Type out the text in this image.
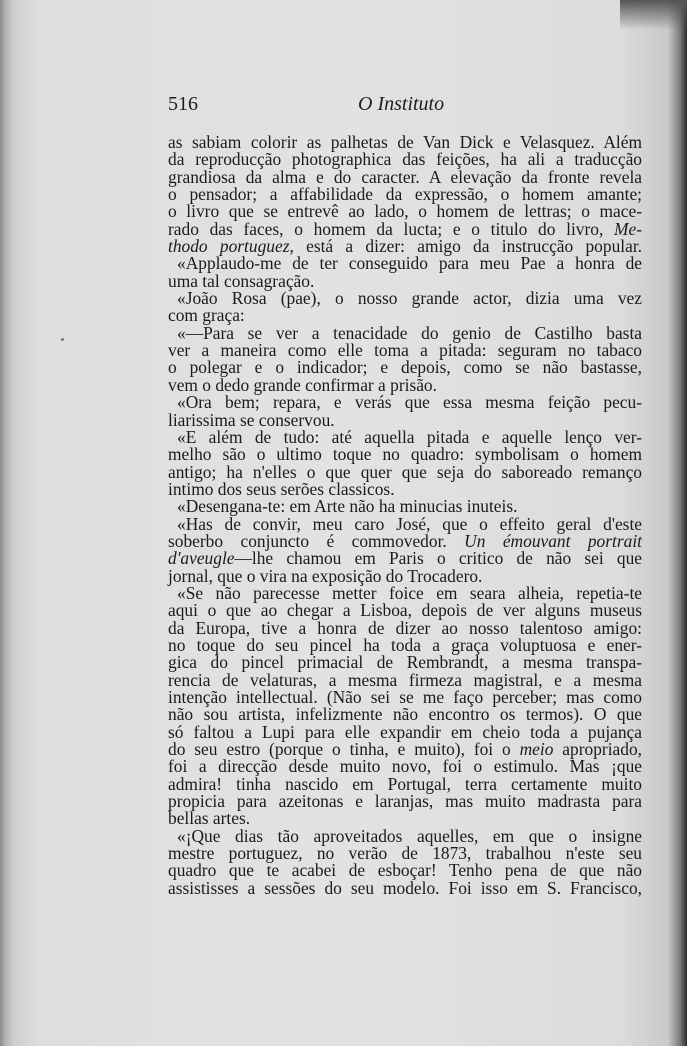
516	O Instituto
as sabiam colorir as palhetas de Van Dick e Velasquez. Além
da reproducção photographica das feições, ha ali a traducção
grandiosa da alma e do caracter. A elevação da fronte revela
o pensador; a affabilidade da expressão, o homem amante;
o livro que se entrevê ao lado, o homem de lettras; o mace-
rado das faces, o homem da lucta; e o titulo do livro, Me-
thodo portuguez, está a dizer: amigo da instrucção popular.
«Applaudo-me de ter conseguido para meu Pae a honra de
uma tal consagração.
«João Rosa (pae), o nosso grande actor, dizia uma vez
com graça:
«—Para se ver a tenacidade do genio de Castilho basta
ver a maneira como elle toma a pitada: seguram no tabaco
o polegar e o indicador; e depois, como se não bastasse,
vem o dedo grande confirmar a prisão.
«Ora bem; repara, e verás que essa mesma feição pecu-
liarissima se conservou.
«E além de tudo: até aquella pitada e aquelle lenço ver-
melho são o ultimo toque no quadro: symbolisam o homem
antigo; ha n'elles o que quer que seja do saboreado remanço
intimo dos seus serões classicos.
«Desengana-te: em Arte não ha minucias inuteis.
«Has de convir, meu caro José, que o effeito geral d'este
soberbo conjuncto é commovedor. Un émouvant portrait
d'aveugle—lhe chamou em Paris o critico de não sei que
jornal, que o vira na exposição do Trocadero.
«Se não parecesse metter foice em seara alheia, repetia-te
aqui o que ao chegar a Lisboa, depois de ver alguns museus
da Europa, tive a honra de dizer ao nosso talentoso amigo:
no toque do seu pincel ha toda a graça voluptuosa e ener-
gica do pincel primacial de Rembrandt, a mesma transpa-
rencia de velaturas, a mesma firmeza magistral, e a mesma
intenção intellectual. (Não sei se me faço perceber; mas como
não sou artista, infelizmente não encontro os termos). O que
só faltou a Lupi para elle expandir em cheio toda a pujança
do seu estro (porque o tinha, e muito), foi o meio apropriado,
foi a direcção desde muito novo, foi o estimulo. Mas ¡que
admira! tinha nascido em Portugal, terra certamente muito
propicia para azeitonas e laranjas, mas muito madrasta para
bellas artes.
«¡Que dias tão aproveitados aquelles, em que o insigne
mestre portuguez, no verão de 1873, trabalhou n'este seu
quadro que te acabei de esboçar! Tenho pena de que não
assistisses a sessões do seu modelo. Foi isso em S. Francisco,
